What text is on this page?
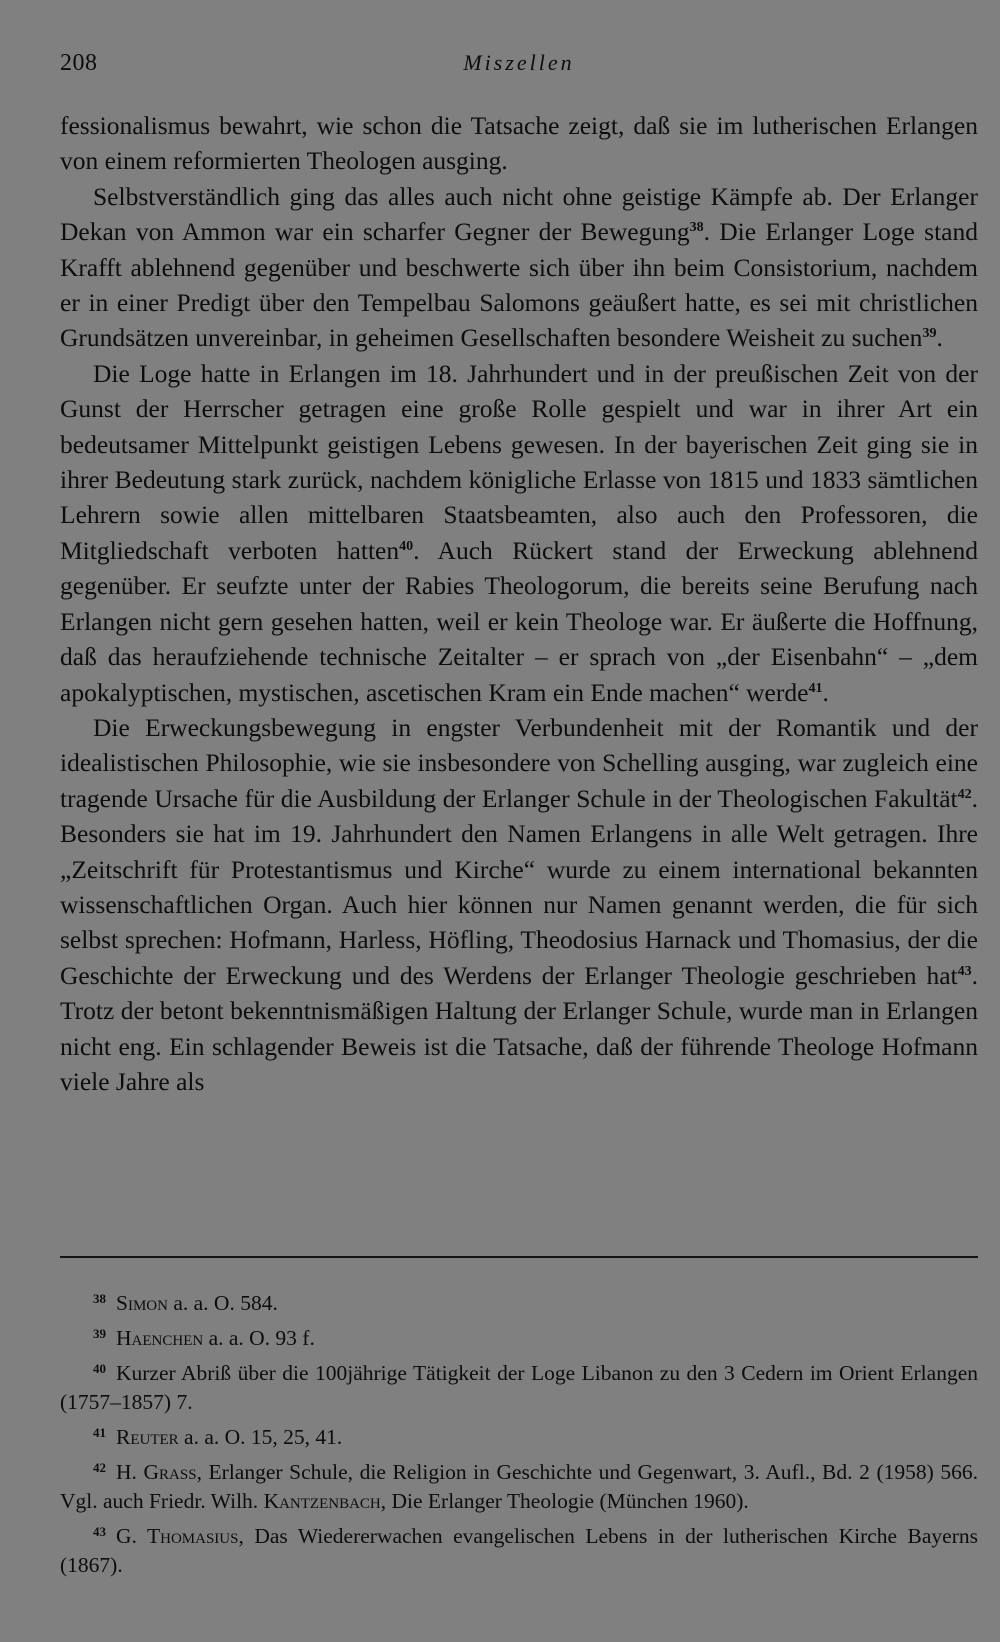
208	Miszellen

fessionalismus bewahrt, wie schon die Tatsache zeigt, daß sie im lutherischen Erlangen von einem reformierten Theologen ausging.

Selbstverständlich ging das alles auch nicht ohne geistige Kämpfe ab. Der Erlanger Dekan von Ammon war ein scharfer Gegner der Bewegung$^{38}$. Die Erlanger Loge stand Krafft ablehnend gegenüber und beschwerte sich über ihn beim Consistorium, nachdem er in einer Predigt über den Tempelbau Salomons geäußert hatte, es sei mit christlichen Grundsätzen unvereinbar, in geheimen Gesellschaften besondere Weisheit zu suchen$^{39}$.

Die Loge hatte in Erlangen im 18. Jahrhundert und in der preußischen Zeit von der Gunst der Herrscher getragen eine große Rolle gespielt und war in ihrer Art ein bedeutsamer Mittelpunkt geistigen Lebens gewesen. In der bayerischen Zeit ging sie in ihrer Bedeutung stark zurück, nachdem königliche Erlasse von 1815 und 1833 sämtlichen Lehrern sowie allen mittelbaren Staatsbeamten, also auch den Professoren, die Mitgliedschaft verboten hatten$^{40}$. Auch Rückert stand der Erweckung ablehnend gegenüber. Er seufzte unter der Rabies Theologorum, die bereits seine Berufung nach Erlangen nicht gern gesehen hatten, weil er kein Theologe war. Er äußerte die Hoffnung, daß das heraufziehende technische Zeitalter – er sprach von „der Eisenbahn“ – „dem apokalyptischen, mystischen, ascetischen Kram ein Ende machen“ werde$^{41}$.

Die Erweckungsbewegung in engster Verbundenheit mit der Romantik und der idealistischen Philosophie, wie sie insbesondere von Schelling ausging, war zugleich eine tragende Ursache für die Ausbildung der Erlanger Schule in der Theologischen Fakultät$^{42}$. Besonders sie hat im 19. Jahrhundert den Namen Erlangens in alle Welt getragen. Ihre „Zeitschrift für Protestantismus und Kirche“ wurde zu einem international bekannten wissenschaftlichen Organ. Auch hier können nur Namen genannt werden, die für sich selbst sprechen: Hofmann, Harless, Höfling, Theodosius Harnack und Thomasius, der die Geschichte der Erweckung und des Werdens der Erlanger Theologie geschrieben hat$^{43}$. Trotz der betont bekenntnismäßigen Haltung der Erlanger Schule, wurde man in Erlangen nicht eng. Ein schlagender Beweis ist die Tatsache, daß der führende Theologe Hofmann viele Jahre als

$^{38}$ Simon a. a. O. 584.

$^{39}$ Haenchen a. a. O. 93 f.

$^{40}$ Kurzer Abriß über die 100jährige Tätigkeit der Loge Libanon zu den 3 Cedern im Orient Erlangen (1757–1857) 7.

$^{41}$ Reuter a. a. O. 15, 25, 41.

$^{42}$ H. Grass, Erlanger Schule, die Religion in Geschichte und Gegenwart, 3. Aufl., Bd. 2 (1958) 566. Vgl. auch Friedr. Wilh. Kantzenbach, Die Erlanger Theologie (München 1960).

$^{43}$ G. Thomasius, Das Wiedererwachen evangelischen Lebens in der lutherischen Kirche Bayerns (1867).
